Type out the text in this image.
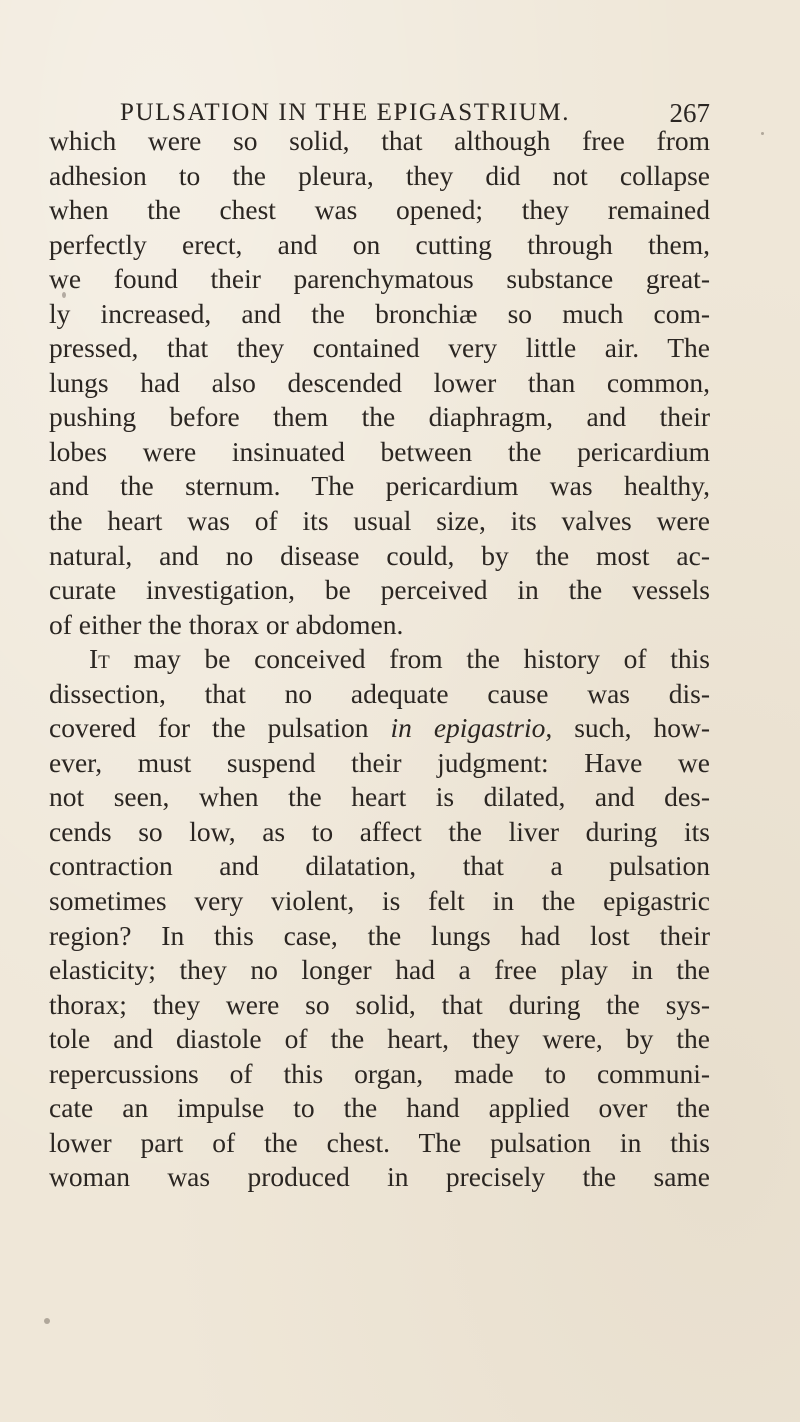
PULSATION IN THE EPIGASTRIUM.	267
which were so solid, that although free from
adhesion to the pleura, they did not collapse
when the chest was opened; they remained
perfectly erect, and on cutting through them,
we found their parenchymatous substance great-
ly increased, and the bronchiæ so much com-
pressed, that they contained very little air. The
lungs had also descended lower than common,
pushing before them the diaphragm, and their
lobes were insinuated between the pericardium
and the sternum. The pericardium was healthy,
the heart was of its usual size, its valves were
natural, and no disease could, by the most ac-
curate investigation, be perceived in the vessels
of either the thorax or abdomen.
It may be conceived from the history of this
dissection, that no adequate cause was dis-
covered for the pulsation in epigastrio, such, how-
ever, must suspend their judgment: Have we
not seen, when the heart is dilated, and des-
cends so low, as to affect the liver during its
contraction and dilatation, that a pulsation
sometimes very violent, is felt in the epigastric
region? In this case, the lungs had lost their
elasticity; they no longer had a free play in the
thorax; they were so solid, that during the sys-
tole and diastole of the heart, they were, by the
repercussions of this organ, made to communi-
cate an impulse to the hand applied over the
lower part of the chest. The pulsation in this
woman was produced in precisely the same
